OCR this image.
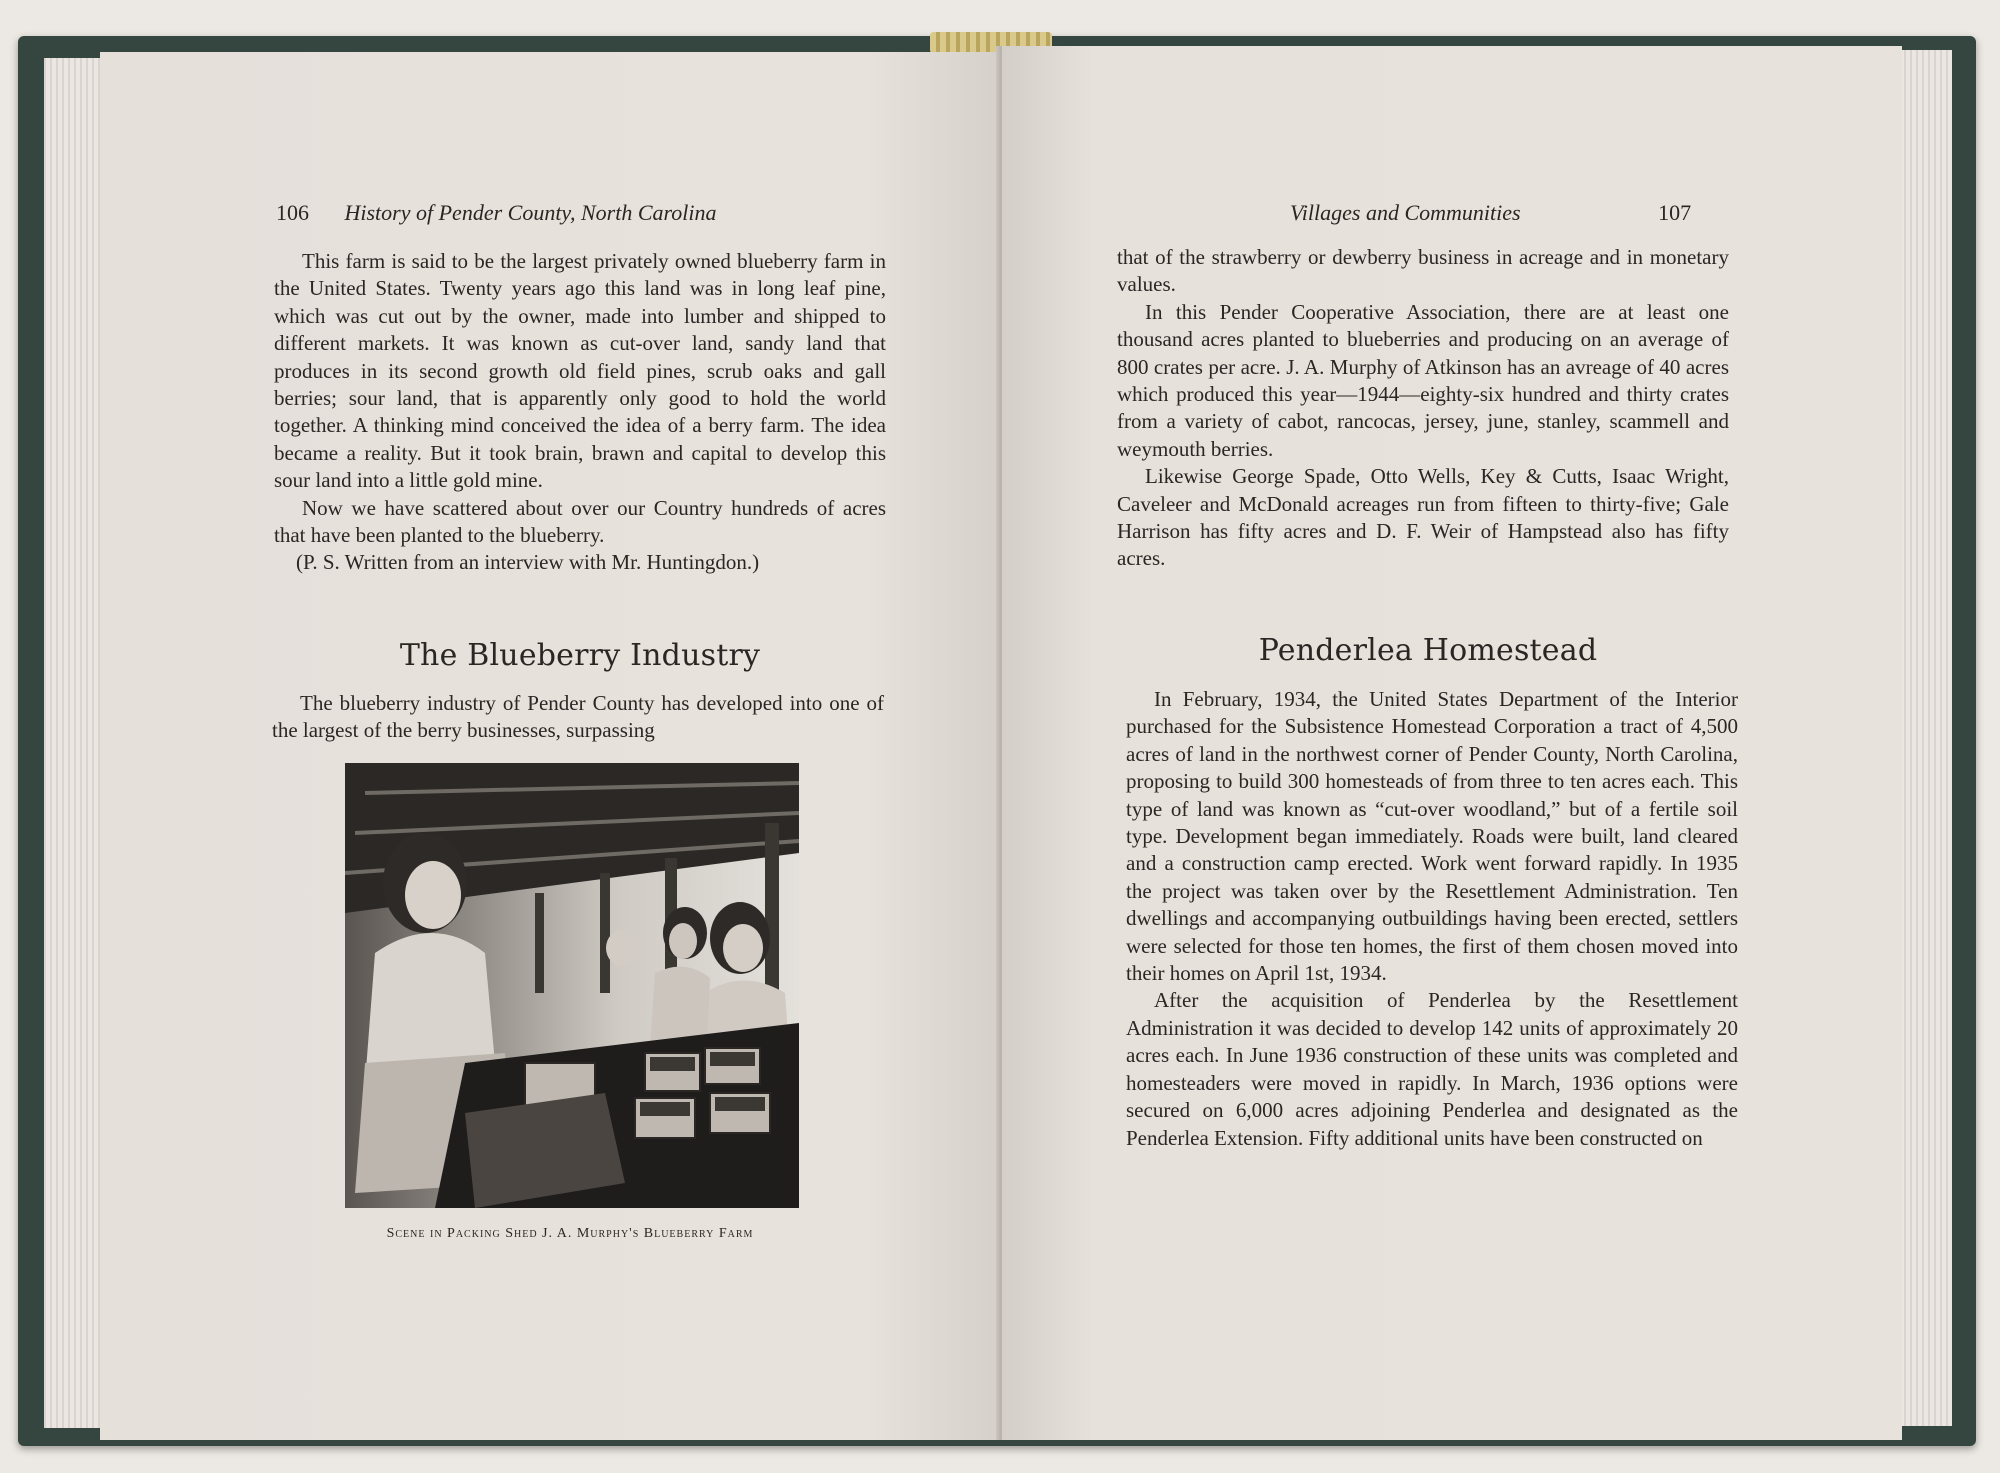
106 History of Pender County, North Carolina

This farm is said to be the largest privately owned blueberry farm in the United States. Twenty years ago this land was in long leaf pine, which was cut out by the owner, made into lumber and shipped to different markets. It was known as cut-over land, sandy land that produces in its second growth old field pines, scrub oaks and gall berries; sour land, that is apparently only good to hold the world together. A thinking mind conceived the idea of a berry farm. The idea became a reality. But it took brain, brawn and capital to develop this sour land into a little gold mine.

Now we have scattered about over our Country hundreds of acres that have been planted to the blueberry.

(P. S. Written from an interview with Mr. Huntingdon.)

The Blueberry Industry

The blueberry industry of Pender County has developed into one of the largest of the berry businesses, surpassing

Scene in Packing Shed J. A. Murphy's Blueberry Farm
Villages and Communities	107

that of the strawberry or dewberry business in acreage and in monetary values.

In this Pender Cooperative Association, there are at least one thousand acres planted to blueberries and producing on an average of 800 crates per acre. J. A. Murphy of Atkinson has an avreage of 40 acres which produced this year—1944—eighty-six hundred and thirty crates from a variety of cabot, rancocas, jersey, june, stanley, scammell and weymouth berries.

Likewise George Spade, Otto Wells, Key & Cutts, Isaac Wright, Caveleer and McDonald acreages run from fifteen to thirty-five; Gale Harrison has fifty acres and D. F. Weir of Hampstead also has fifty acres.

Penderlea Homestead

In February, 1934, the United States Department of the Interior purchased for the Subsistence Homestead Corporation a tract of 4,500 acres of land in the northwest corner of Pender County, North Carolina, proposing to build 300 homesteads of from three to ten acres each. This type of land was known as “cut-over woodland,” but of a fertile soil type. Development began immediately. Roads were built, land cleared and a construction camp erected. Work went forward rapidly. In 1935 the project was taken over by the Resettlement Administration. Ten dwellings and accompanying outbuildings having been erected, settlers were selected for those ten homes, the first of them chosen moved into their homes on April 1st, 1934.

After the acquisition of Penderlea by the Resettlement Administration it was decided to develop 142 units of approximately 20 acres each. In June 1936 construction of these units was completed and homesteaders were moved in rapidly. In March, 1936 options were secured on 6,000 acres adjoining Penderlea and designated as the Penderlea Extension. Fifty additional units have been constructed on
